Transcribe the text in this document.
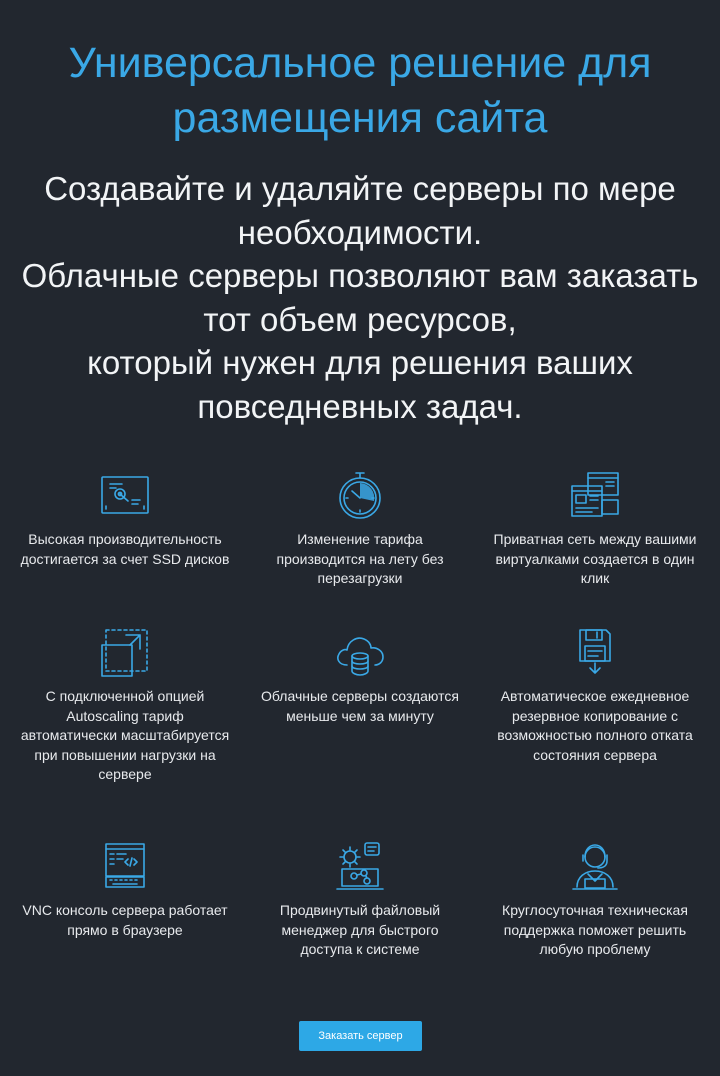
Универсальное решение для размещения сайта
Создавайте и удаляйте серверы по мере необходимости.
Облачные серверы позволяют вам заказать тот объем ресурсов,
который нужен для решения ваших повседневных задач.
Высокая производительность достигается за счет SSD дисков
Изменение тарифа производится на лету без перезагрузки
Приватная сеть между вашими виртуалками создается в один клик
С подключенной опцией Autoscaling тариф автоматически масштабируется при повышении нагрузки на сервере
Облачные серверы создаются меньше чем за минуту
Автоматическое ежедневное резервное копирование с возможностью полного отката состояния сервера
VNC консоль сервера работает прямо в браузере
Продвинутый файловый менеджер для быстрого доступа к системе
Круглосуточная техническая поддержка поможет решить любую проблему
Заказать сервер
